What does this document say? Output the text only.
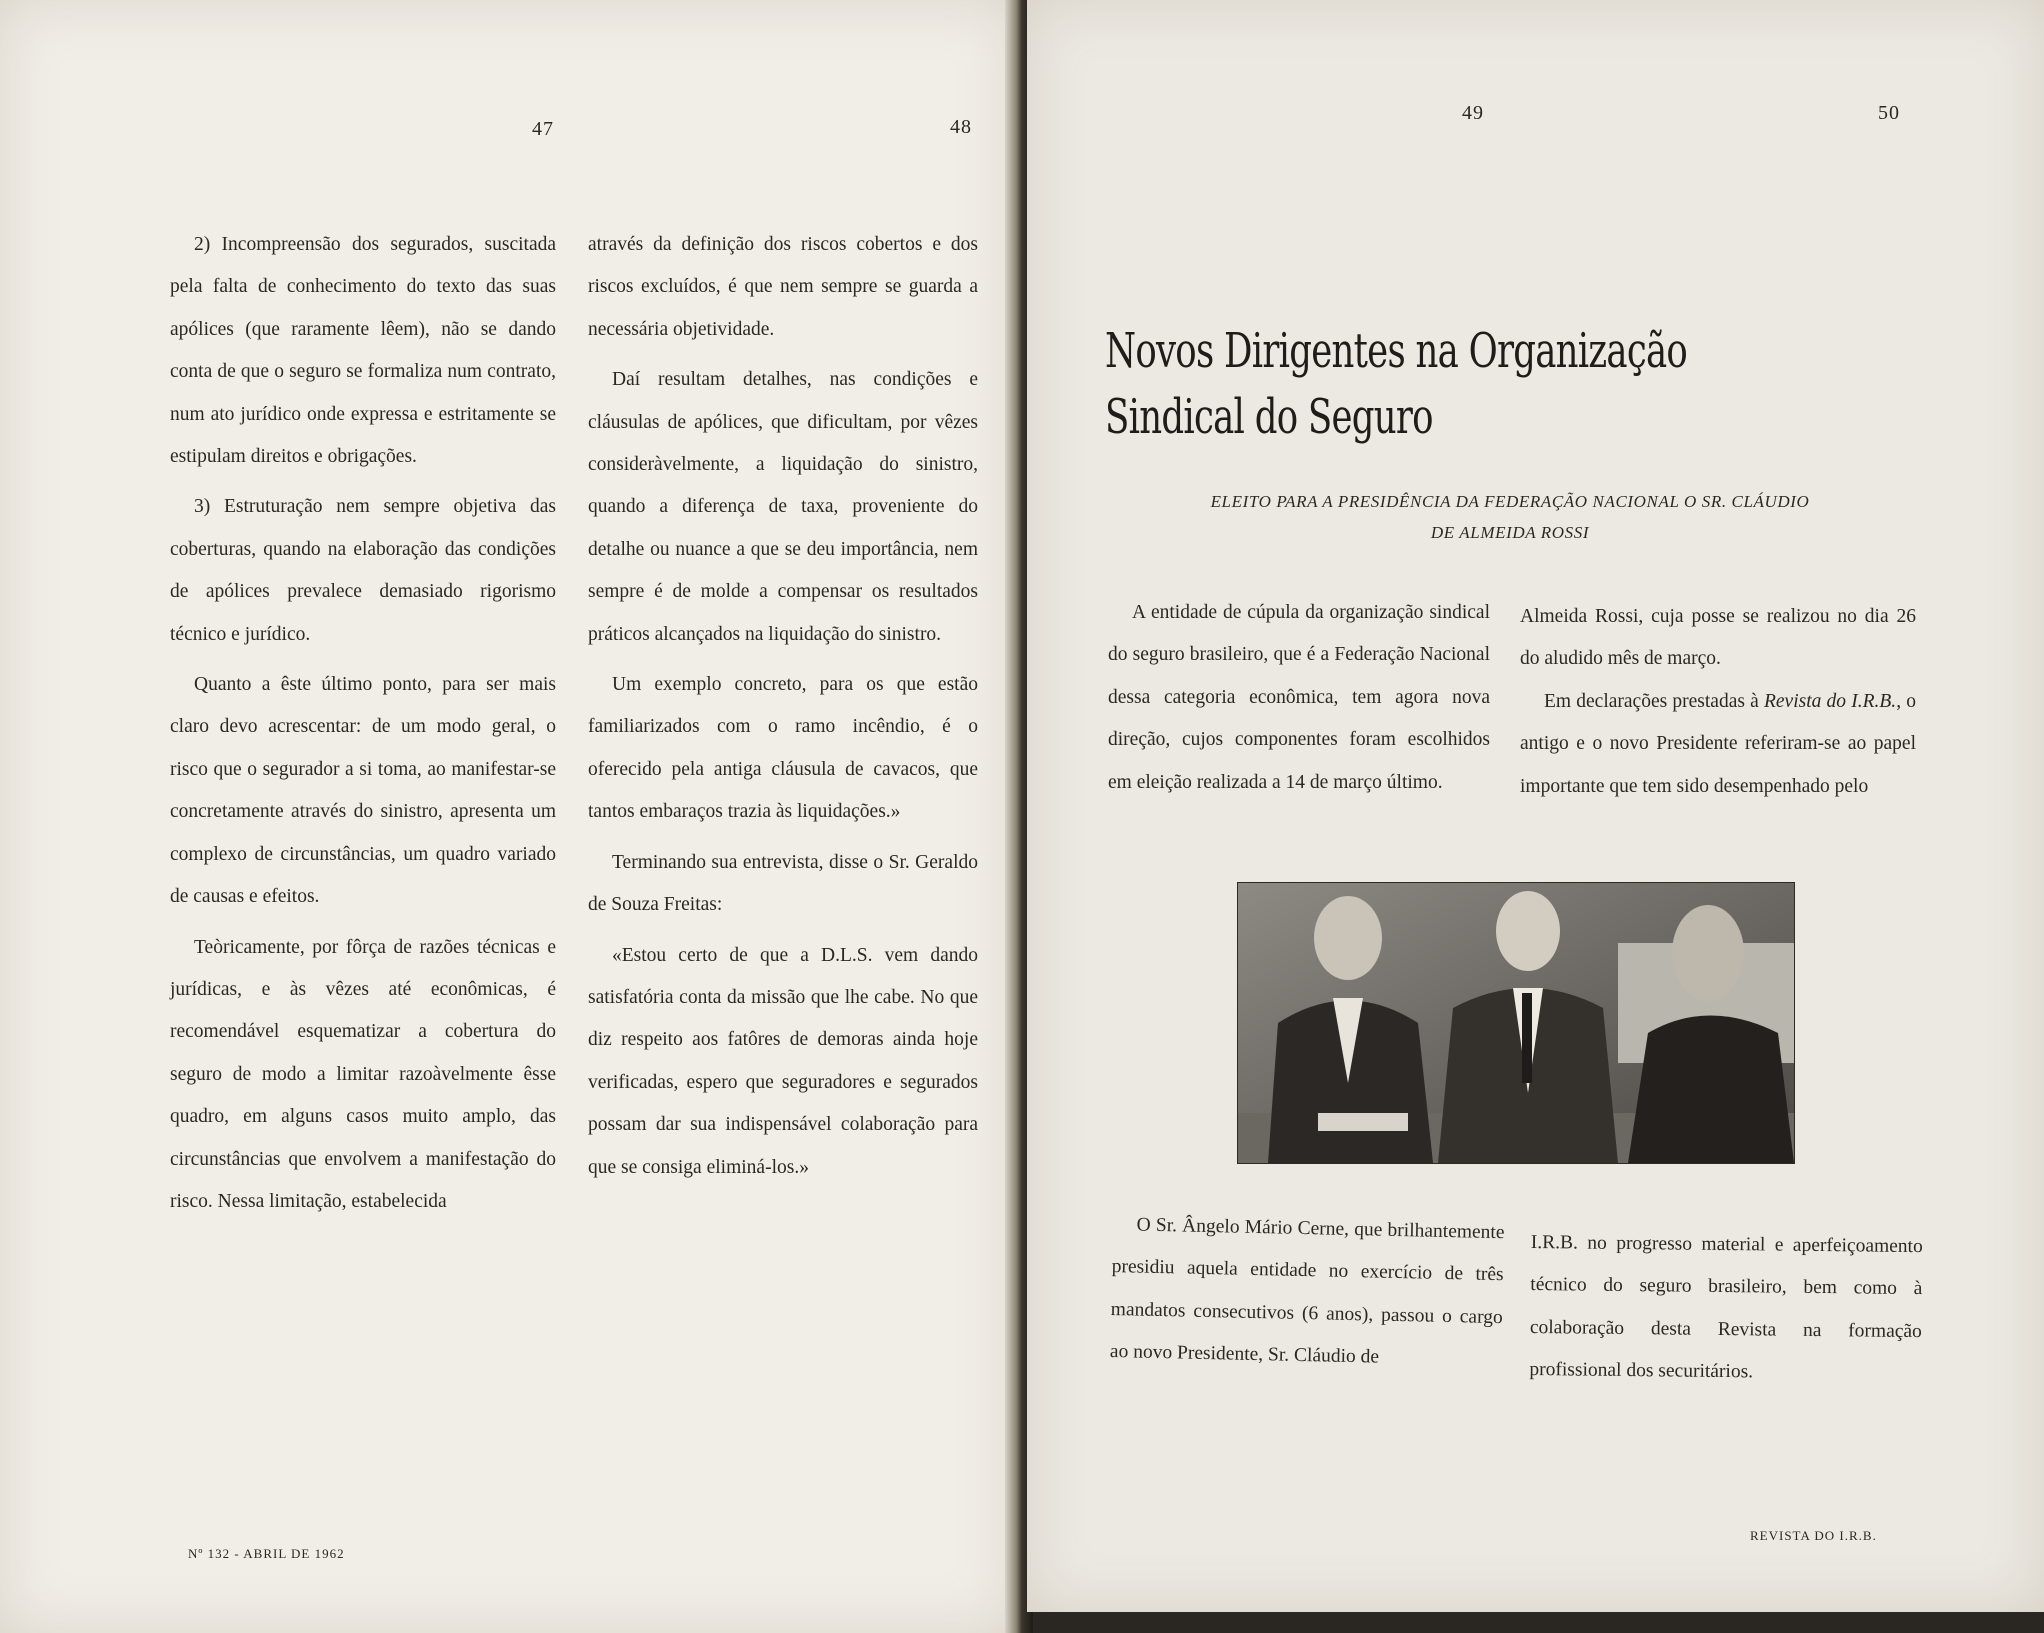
47	48

2) Incompreensão dos segurados, suscitada pela falta de conhecimento do texto das suas apólices (que raramente lêem), não se dando conta de que o seguro se formaliza num contrato, num ato jurídico onde expressa e estritamente se estipulam direitos e obrigações.

3) Estruturação nem sempre objetiva das coberturas, quando na elaboração das condições de apólices prevalece demasiado rigorismo técnico e jurídico.

Quanto a êste último ponto, para ser mais claro devo acrescentar: de um modo geral, o risco que o segurador a si toma, ao manifestar-se concretamente através do sinistro, apresenta um complexo de circunstâncias, um quadro variado de causas e efeitos.

Teòricamente, por fôrça de razões técnicas e jurídicas, e às vêzes até econômicas, é recomendável esquematizar a cobertura do seguro de modo a limitar razoàvelmente êsse quadro, em alguns casos muito amplo, das circunstâncias que envolvem a manifestação do risco. Nessa limitação, estabelecida

através da definição dos riscos cobertos e dos riscos excluídos, é que nem sempre se guarda a necessária objetividade.

Daí resultam detalhes, nas condições e cláusulas de apólices, que dificultam, por vêzes consideràvelmente, a liquidação do sinistro, quando a diferença de taxa, proveniente do detalhe ou nuance a que se deu importância, nem sempre é de molde a compensar os resultados práticos alcançados na liquidação do sinistro.

Um exemplo concreto, para os que estão familiarizados com o ramo incêndio, é o oferecido pela antiga cláusula de cavacos, que tantos embaraços trazia às liquidações.»

Terminando sua entrevista, disse o Sr. Geraldo de Souza Freitas:

«Estou certo de que a D.L.S. vem dando satisfatória conta da missão que lhe cabe. No que diz respeito aos fatôres de demoras ainda hoje verificadas, espero que seguradores e segurados possam dar sua indispensável colaboração para que se consiga eliminá-los.»

Nº 132 - ABRIL DE 1962
49	50
Novos Dirigentes na Organização
Sindical do Seguro
ELEITO PARA A PRESIDÊNCIA DA FEDERAÇÃO NACIONAL O SR. CLÁUDIO
DE ALMEIDA ROSSI

A entidade de cúpula da organização sindical do seguro brasileiro, que é a Federação Nacional dessa categoria econômica, tem agora nova direção, cujos componentes foram escolhidos em eleição realizada a 14 de março último.

Almeida Rossi, cuja posse se realizou no dia 26 do aludido mês de março.

Em declarações prestadas à Revista do I.R.B., o antigo e o novo Presidente referiram-se ao papel importante que tem sido desempenhado pelo

O Sr. Ângelo Mário Cerne, que brilhantemente presidiu aquela entidade no exercício de três mandatos consecutivos (6 anos), passou o cargo ao novo Presidente, Sr. Cláudio de

I.R.B. no progresso material e aperfeiçoamento técnico do seguro brasileiro, bem como à colaboração desta Revista na formação profissional dos securitários.

REVISTA DO I.R.B.
